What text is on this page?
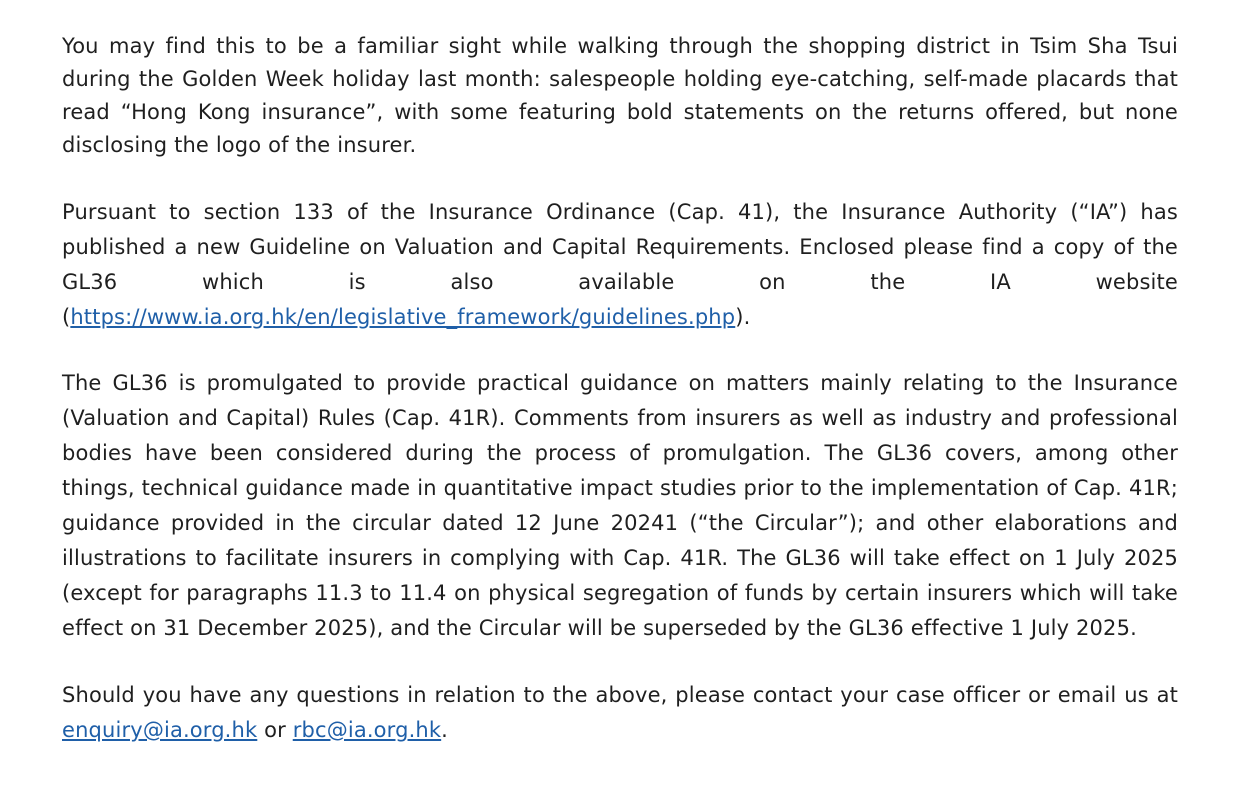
You may find this to be a familiar sight while walking through the shopping district in Tsim Sha Tsui during the Golden Week holiday last month: salespeople holding eye-catching, self-made placards that read “Hong Kong insurance”, with some featuring bold statements on the returns offered, but none disclosing the logo of the insurer.

Pursuant to section 133 of the Insurance Ordinance (Cap. 41), the Insurance Authority (“IA”) has published a new Guideline on Valuation and Capital Requirements. Enclosed please find a copy of the GL36 which is also available on the IA website (https://www.ia.org.hk/en/legislative_framework/guidelines.php).

The GL36 is promulgated to provide practical guidance on matters mainly relating to the Insurance (Valuation and Capital) Rules (Cap. 41R). Comments from insurers as well as industry and professional bodies have been considered during the process of promulgation. The GL36 covers, among other things, technical guidance made in quantitative impact studies prior to the implementation of Cap. 41R; guidance provided in the circular dated 12 June 20241 (“the Circular”); and other elaborations and illustrations to facilitate insurers in complying with Cap. 41R. The GL36 will take effect on 1 July 2025 (except for paragraphs 11.3 to 11.4 on physical segregation of funds by certain insurers which will take effect on 31 December 2025), and the Circular will be superseded by the GL36 effective 1 July 2025.

Should you have any questions in relation to the above, please contact your case officer or email us at enquiry@ia.org.hk or rbc@ia.org.hk.
